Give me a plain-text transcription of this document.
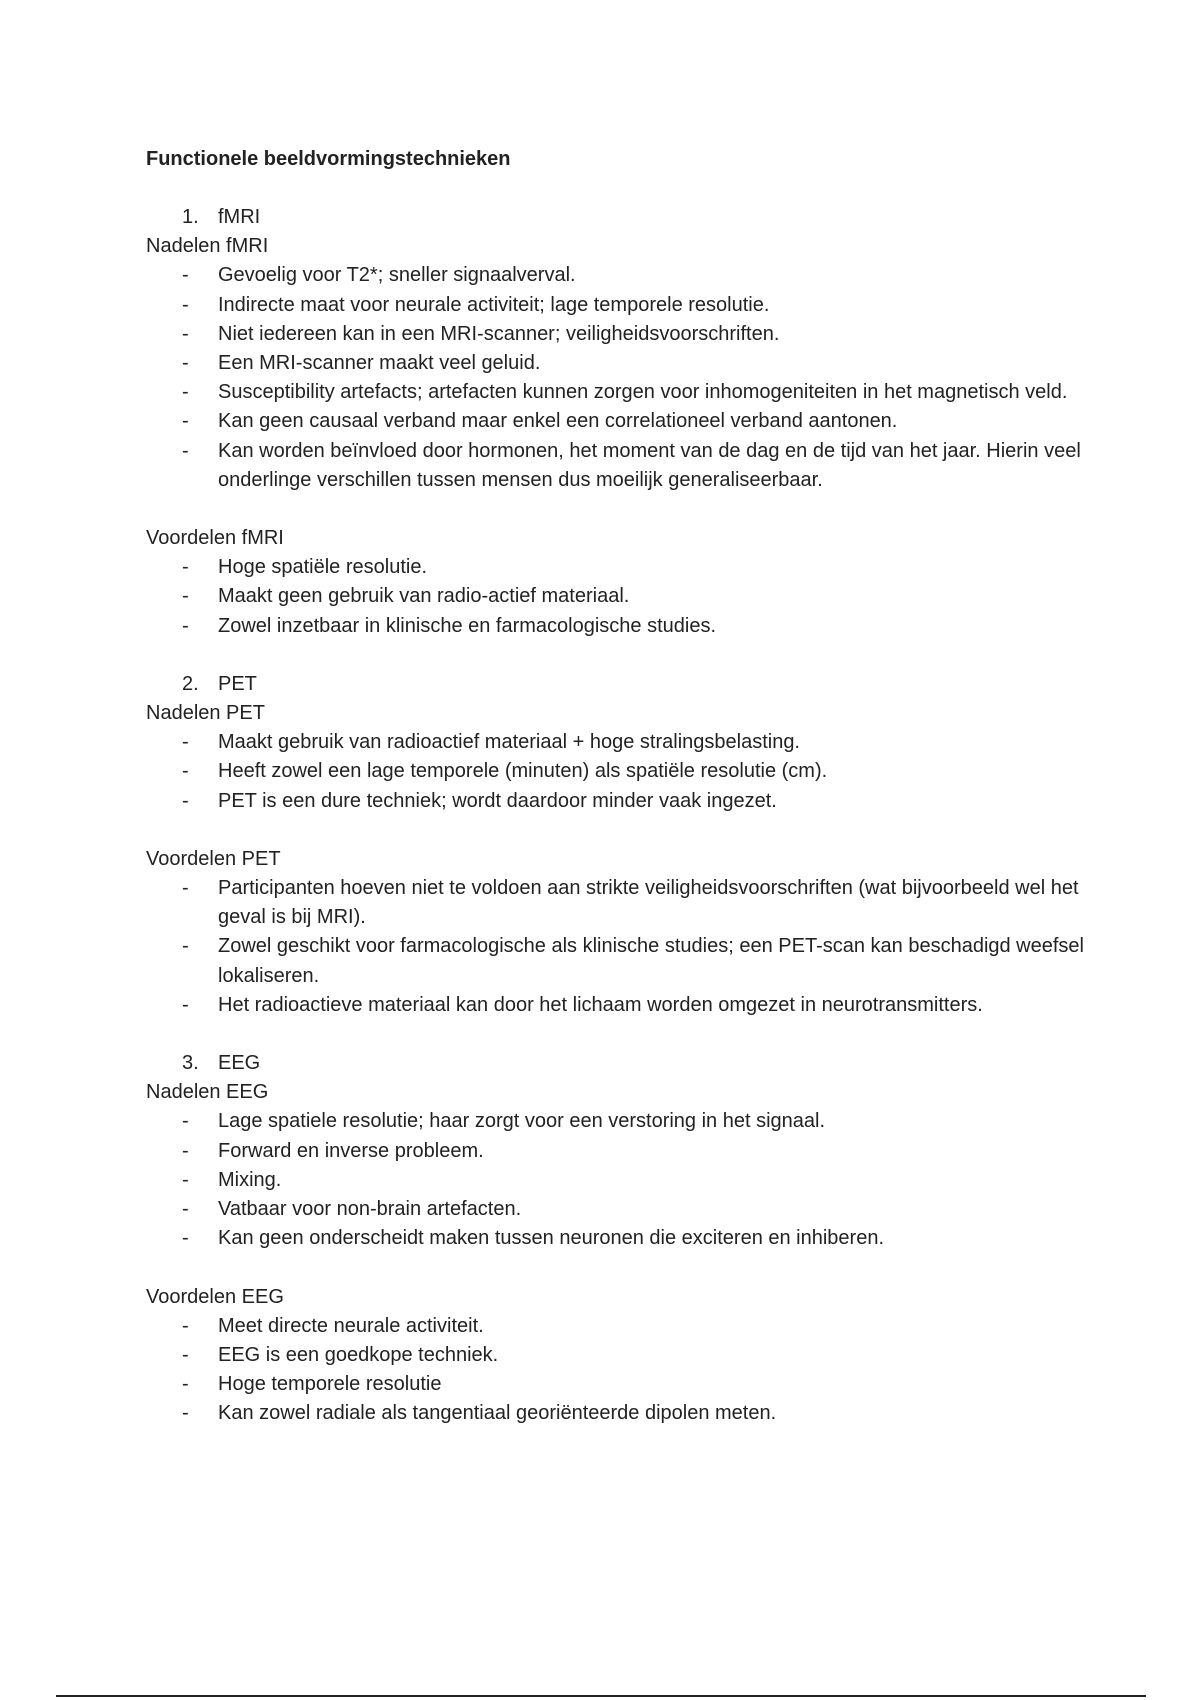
Functionele beeldvormingstechnieken
1. fMRI
Nadelen fMRI
-	Gevoelig voor T2*; sneller signaalverval.
-	Indirecte maat voor neurale activiteit; lage temporele resolutie.
-	Niet iedereen kan in een MRI-scanner; veiligheidsvoorschriften.
-	Een MRI-scanner maakt veel geluid.
-	Susceptibility artefacts; artefacten kunnen zorgen voor inhomogeniteiten in het magnetisch veld.
-	Kan geen causaal verband maar enkel een correlationeel verband aantonen.
-	Kan worden beïnvloed door hormonen, het moment van de dag en de tijd van het jaar. Hierin veel onderlinge verschillen tussen mensen dus moeilijk generaliseerbaar.
Voordelen fMRI
-	Hoge spatiële resolutie.
-	Maakt geen gebruik van radio-actief materiaal.
-	Zowel inzetbaar in klinische en farmacologische studies.
2. PET
Nadelen PET
-	Maakt gebruik van radioactief materiaal + hoge stralingsbelasting.
-	Heeft zowel een lage temporele (minuten) als spatiële resolutie (cm).
-	PET is een dure techniek; wordt daardoor minder vaak ingezet.
Voordelen PET
-	Participanten hoeven niet te voldoen aan strikte veiligheidsvoorschriften (wat bijvoorbeeld wel het geval is bij MRI).
-	Zowel geschikt voor farmacologische als klinische studies; een PET-scan kan beschadigd weefsel lokaliseren.
-	Het radioactieve materiaal kan door het lichaam worden omgezet in neurotransmitters.
3. EEG
Nadelen EEG
-	Lage spatiele resolutie; haar zorgt voor een verstoring in het signaal.
-	Forward en inverse probleem.
-	Mixing.
-	Vatbaar voor non-brain artefacten.
-	Kan geen onderscheidt maken tussen neuronen die exciteren en inhiberen.
Voordelen EEG
-	Meet directe neurale activiteit.
-	EEG is een goedkope techniek.
-	Hoge temporele resolutie
-	Kan zowel radiale als tangentiaal georiënteerde dipolen meten.
